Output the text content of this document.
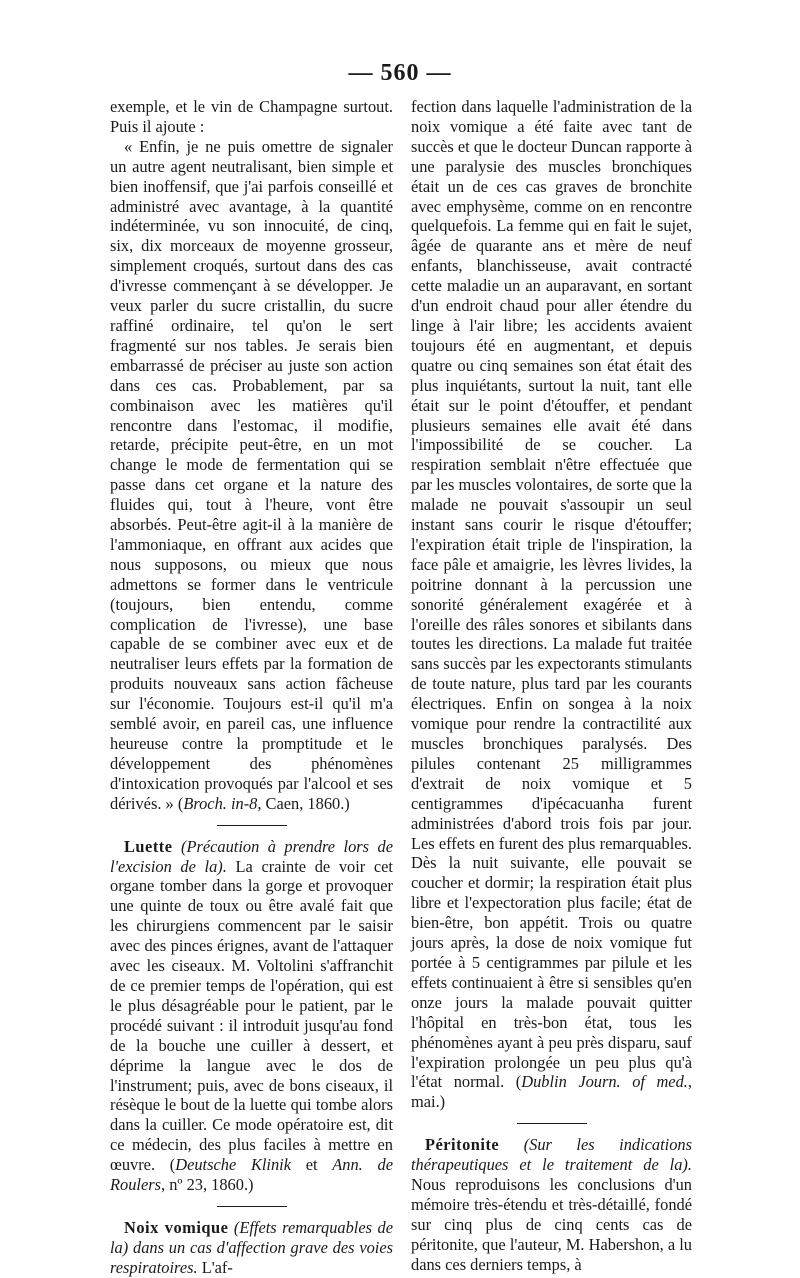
— 560 —

exemple, et le vin de Champagne surtout. Puis il ajoute :

« Enfin, je ne puis omettre de signaler un autre agent neutralisant, bien simple et bien inoffensif, que j'ai parfois conseillé et administré avec avantage, à la quantité indéterminée, vu son innocuité, de cinq, six, dix morceaux de moyenne grosseur, simplement croqués, surtout dans des cas d'ivresse commençant à se développer. Je veux parler du sucre cristallin, du sucre raffiné ordinaire, tel qu'on le sert fragmenté sur nos tables. Je serais bien embarrassé de préciser au juste son action dans ces cas. Probablement, par sa combinaison avec les matières qu'il rencontre dans l'estomac, il modifie, retarde, précipite peut-être, en un mot change le mode de fermentation qui se passe dans cet organe et la nature des fluides qui, tout à l'heure, vont être absorbés. Peut-être agit-il à la manière de l'ammoniaque, en offrant aux acides que nous supposons, ou mieux que nous admettons se former dans le ventricule (toujours, bien entendu, comme complication de l'ivresse), une base capable de se combiner avec eux et de neutraliser leurs effets par la formation de produits nouveaux sans action fâcheuse sur l'économie. Toujours est-il qu'il m'a semblé avoir, en pareil cas, une influence heureuse contre la promptitude et le développement des phénomènes d'intoxication provoqués par l'alcool et ses dérivés. » (Broch. in-8, Caen, 1860.)

Luette (Précaution à prendre lors de l'excision de la). La crainte de voir cet organe tomber dans la gorge et provoquer une quinte de toux ou être avalé fait que les chirurgiens commencent par le saisir avec des pinces érignes, avant de l'attaquer avec les ciseaux. M. Voltolini s'affranchit de ce premier temps de l'opération, qui est le plus désagréable pour le patient, par le procédé suivant : il introduit jusqu'au fond de la bouche une cuiller à dessert, et déprime la langue avec le dos de l'instrument; puis, avec de bons ciseaux, il résèque le bout de la luette qui tombe alors dans la cuiller. Ce mode opératoire est, dit ce médecin, des plus faciles à mettre en œuvre. (Deutsche Klinik et Ann. de Roulers, nº 23, 1860.)

Noix vomique (Effets remarquables de la) dans un cas d'affection grave des voies respiratoires. L'af-

fection dans laquelle l'administration de la noix vomique a été faite avec tant de succès et que le docteur Duncan rapporte à une paralysie des muscles bronchiques était un de ces cas graves de bronchite avec emphysème, comme on en rencontre quelquefois. La femme qui en fait le sujet, âgée de quarante ans et mère de neuf enfants, blanchisseuse, avait contracté cette maladie un an auparavant, en sortant d'un endroit chaud pour aller étendre du linge à l'air libre; les accidents avaient toujours été en augmentant, et depuis quatre ou cinq semaines son état était des plus inquiétants, surtout la nuit, tant elle était sur le point d'étouffer, et pendant plusieurs semaines elle avait été dans l'impossibilité de se coucher. La respiration semblait n'être effectuée que par les muscles volontaires, de sorte que la malade ne pouvait s'assoupir un seul instant sans courir le risque d'étouffer; l'expiration était triple de l'inspiration, la face pâle et amaigrie, les lèvres livides, la poitrine donnant à la percussion une sonorité généralement exagérée et à l'oreille des râles sonores et sibilants dans toutes les directions. La malade fut traitée sans succès par les expectorants stimulants de toute nature, plus tard par les courants électriques. Enfin on songea à la noix vomique pour rendre la contractilité aux muscles bronchiques paralysés. Des pilules contenant 25 milligrammes d'extrait de noix vomique et 5 centigrammes d'ipécacuanha furent administrées d'abord trois fois par jour. Les effets en furent des plus remarquables. Dès la nuit suivante, elle pouvait se coucher et dormir; la respiration était plus libre et l'expectoration plus facile; état de bien-être, bon appétit. Trois ou quatre jours après, la dose de noix vomique fut portée à 5 centigrammes par pilule et les effets continuaient à être si sensibles qu'en onze jours la malade pouvait quitter l'hôpital en très-bon état, tous les phénomènes ayant à peu près disparu, sauf l'expiration prolongée un peu plus qu'à l'état normal. (Dublin Journ. of med., mai.)

Péritonite (Sur les indications thérapeutiques et le traitement de la). Nous reproduisons les conclusions d'un mémoire très-étendu et très-détaillé, fondé sur cinq plus de cinq cents cas de péritonite, que l'auteur, M. Habershon, a lu dans ces derniers temps, à
